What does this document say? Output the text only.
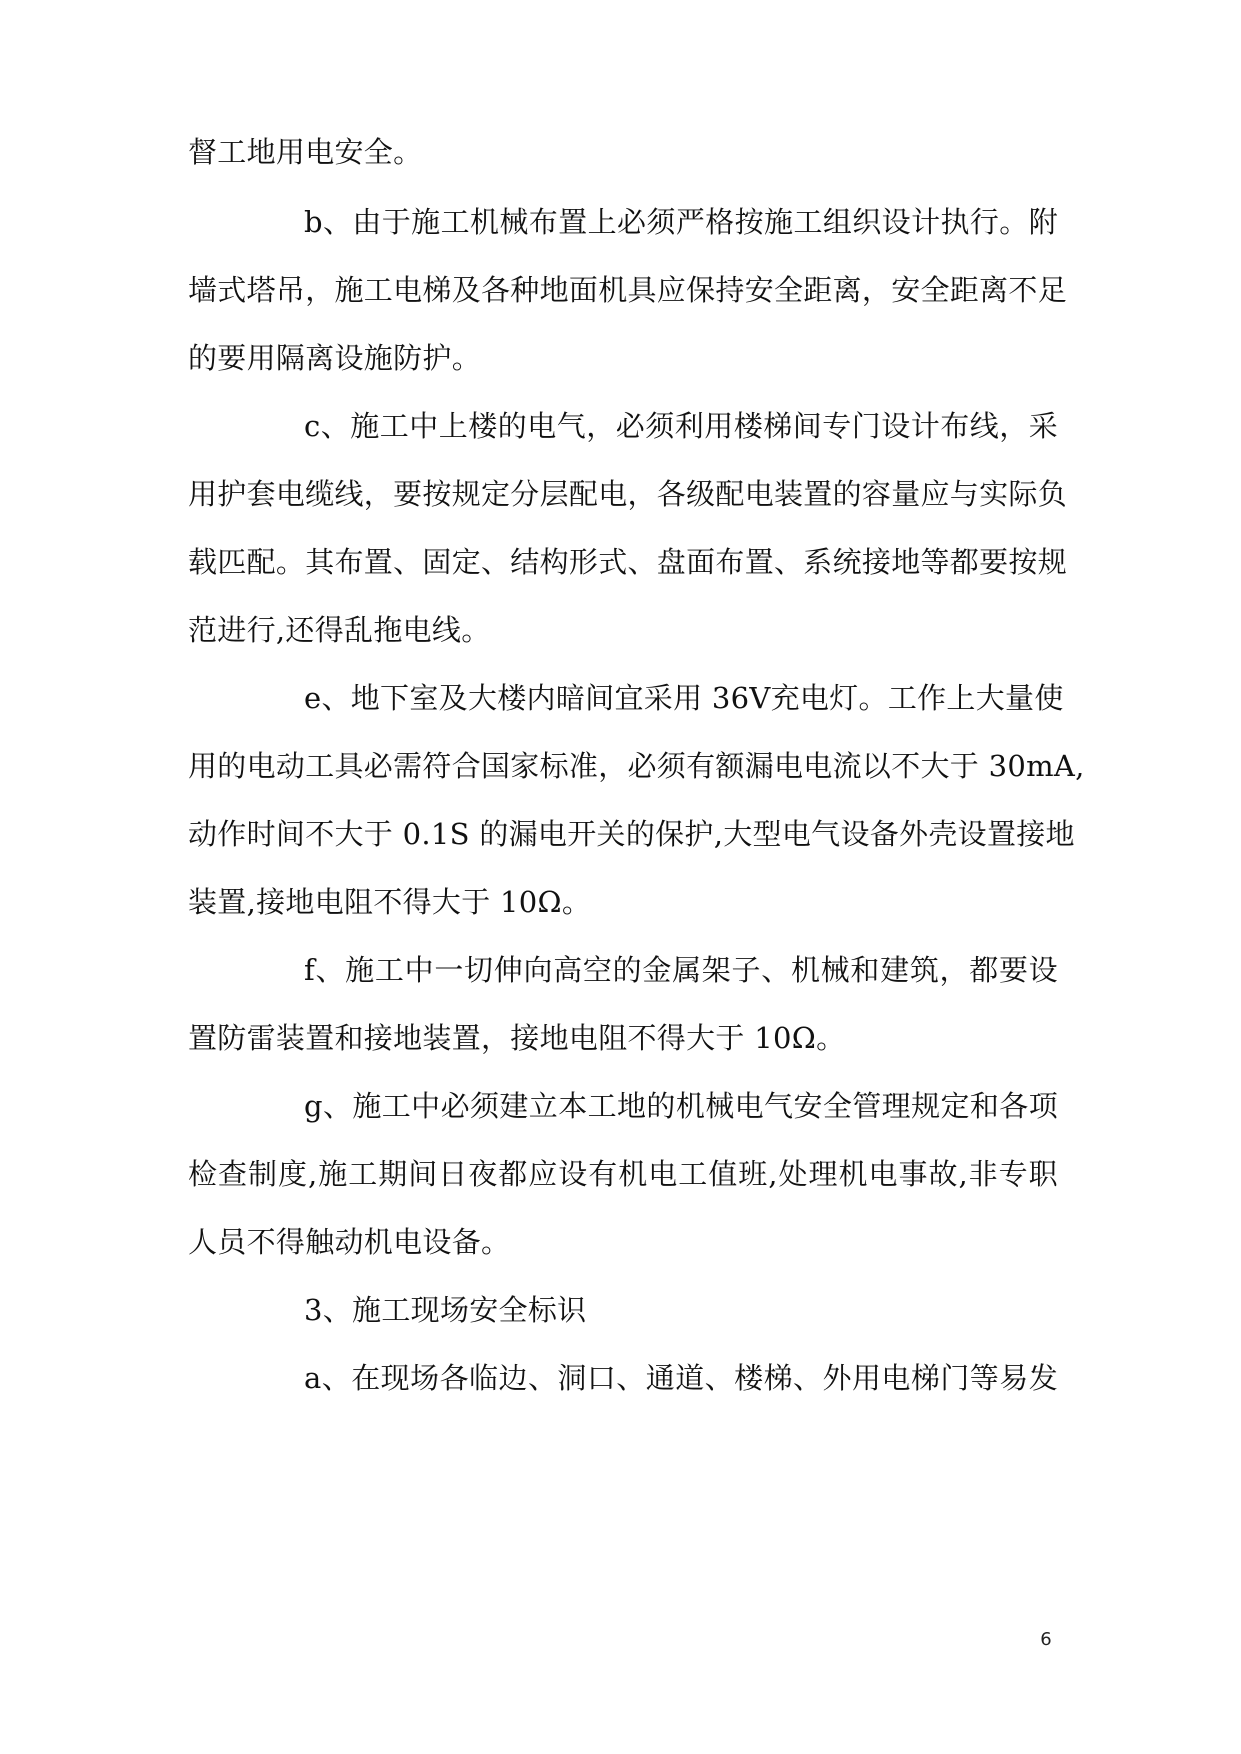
督工地用电安全。
b、由于施工机械布置上必须严格按施工组织设计执行。附
墙式塔吊，施工电梯及各种地面机具应保持安全距离，安全距离不足
的要用隔离设施防护。
c、施工中上楼的电气，必须利用楼梯间专门设计布线，采
用护套电缆线，要按规定分层配电，各级配电装置的容量应与实际负
载匹配。其布置、固定、结构形式、盘面布置、系统接地等都要按规
范进行,还得乱拖电线。
e、地下室及大楼内暗间宜采用 36Ⅴ充电灯。工作上大量使
用的电动工具必需符合国家标准，必须有额漏电电流以不大于 30mA,
动作时间不大于 0.1S 的漏电开关的保护,大型电气设备外壳设置接地
装置,接地电阻不得大于 10Ω。
f、施工中一切伸向高空的金属架子、机械和建筑，都要设
置防雷装置和接地装置，接地电阻不得大于 10Ω。
g、施工中必须建立本工地的机械电气安全管理规定和各项
检查制度,施工期间日夜都应设有机电工值班,处理机电事故,非专职
人员不得触动机电设备。
3、施工现场安全标识
a、在现场各临边、洞口、通道、楼梯、外用电梯门等易发
6
